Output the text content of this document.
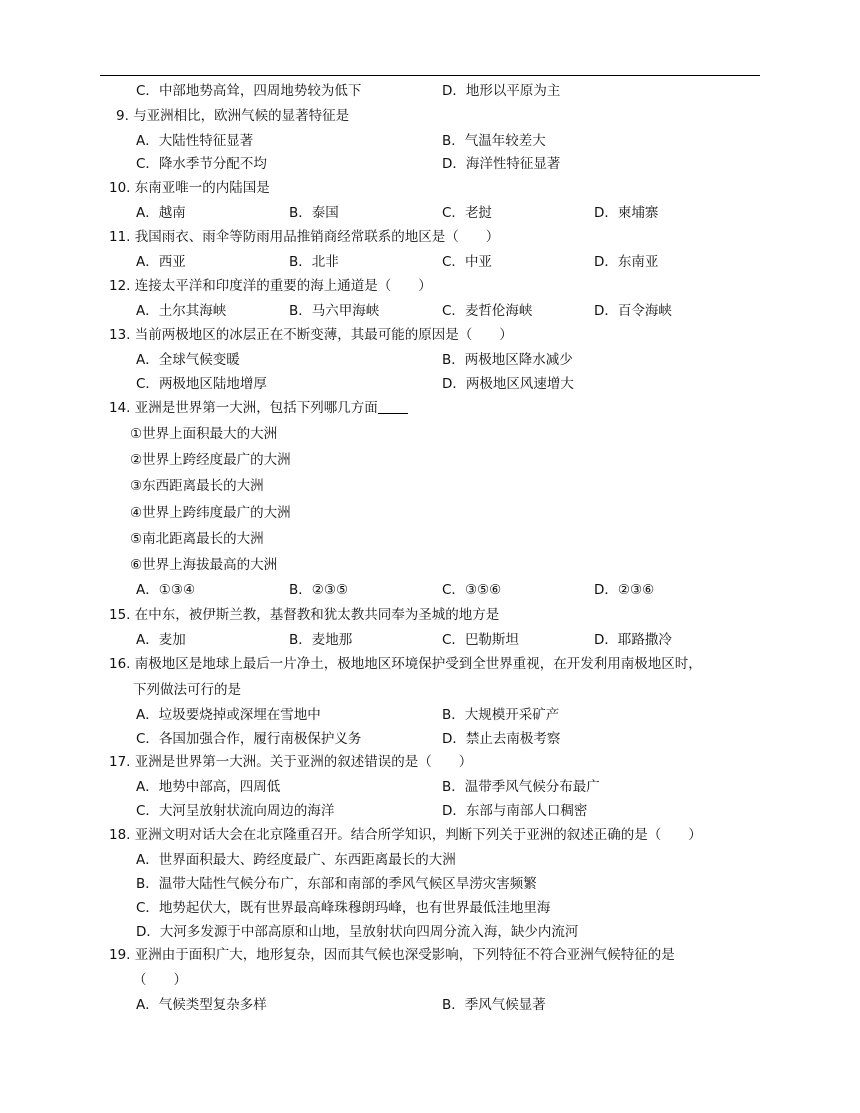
C．中部地势高耸，四周地势较为低下	D．地形以平原为主
9. 与亚洲相比，欧洲气候的显著特征是
A．大陆性特征显著	B．气温年较差大
C．降水季节分配不均	D．海洋性特征显著
10. 东南亚唯一的内陆国是
A．越南	B．泰国	C．老挝	D．柬埔寨
11. 我国雨衣、雨伞等防雨用品推销商经常联系的地区是（　　）
A．西亚	B．北非	C．中亚	D．东南亚
12. 连接太平洋和印度洋的重要的海上通道是（　　）
A．土尔其海峡	B．马六甲海峡	C．麦哲伦海峡	D．百令海峡
13. 当前两极地区的冰层正在不断变薄，其最可能的原因是（　　）
A．全球气候变暖	B．两极地区降水减少
C．两极地区陆地增厚	D．两极地区风速增大
14. 亚洲是世界第一大洲，包括下列哪几方面
①世界上面积最大的大洲
②世界上跨经度最广的大洲
③东西距离最长的大洲
④世界上跨纬度最广的大洲
⑤南北距离最长的大洲
⑥世界上海拔最高的大洲
A．①③④	B．②③⑤	C．③⑤⑥	D．②③⑥
15. 在中东，被伊斯兰教，基督教和犹太教共同奉为圣城的地方是
A．麦加	B．麦地那	C．巴勒斯坦	D．耶路撒冷
16. 南极地区是地球上最后一片净土，极地地区环境保护受到全世界重视，在开发利用南极地区时，
下列做法可行的是
A．垃圾要烧掉或深埋在雪地中	B．大规模开采矿产
C．各国加强合作，履行南极保护义务	D．禁止去南极考察
17. 亚洲是世界第一大洲。关于亚洲的叙述错误的是（　　）
A．地势中部高，四周低	B．温带季风气候分布最广
C．大河呈放射状流向周边的海洋	D．东部与南部人口稠密
18. 亚洲文明对话大会在北京隆重召开。结合所学知识，判断下列关于亚洲的叙述正确的是（　　）
A．世界面积最大、跨经度最广、东西距离最长的大洲
B．温带大陆性气候分布广，东部和南部的季风气候区旱涝灾害频繁
C．地势起伏大，既有世界最高峰珠穆朗玛峰，也有世界最低洼地里海
D．大河多发源于中部高原和山地，呈放射状向四周分流入海，缺少内流河
19. 亚洲由于面积广大，地形复杂，因而其气候也深受影响，下列特征不符合亚洲气候特征的是
（　　）
A．气候类型复杂多样	B．季风气候显著
